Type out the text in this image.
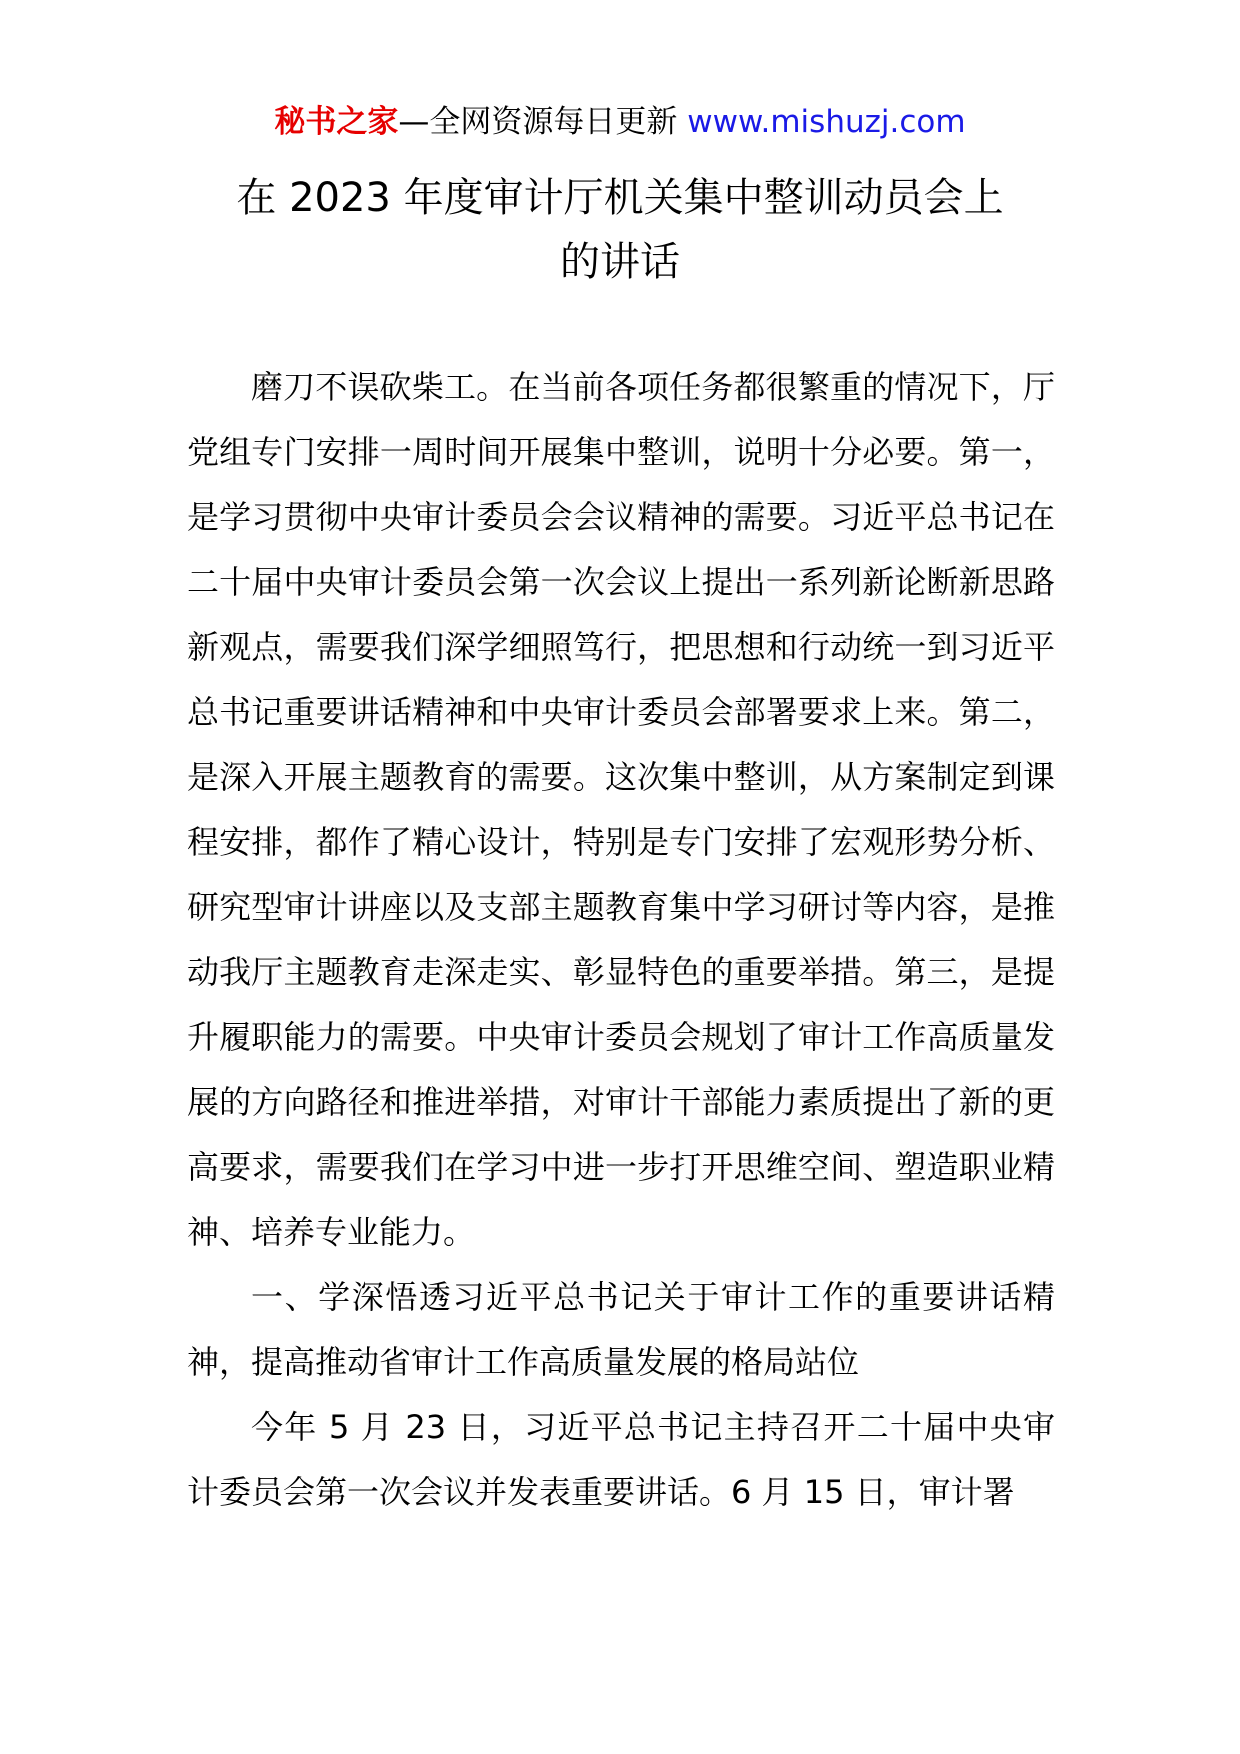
秘书之家—全网资源每日更新 www.mishuzj.com
在 2023 年度审计厅机关集中整训动员会上
的讲话

磨刀不误砍柴工。在当前各项任务都很繁重的情况下，厅党组专门安排一周时间开展集中整训，说明十分必要。第一，是学习贯彻中央审计委员会会议精神的需要。习近平总书记在二十届中央审计委员会第一次会议上提出一系列新论断新思路新观点，需要我们深学细照笃行，把思想和行动统一到习近平总书记重要讲话精神和中央审计委员会部署要求上来。第二，是深入开展主题教育的需要。这次集中整训，从方案制定到课程安排，都作了精心设计，特别是专门安排了宏观形势分析、研究型审计讲座以及支部主题教育集中学习研讨等内容，是推动我厅主题教育走深走实、彰显特色的重要举措。第三，是提升履职能力的需要。中央审计委员会规划了审计工作高质量发展的方向路径和推进举措，对审计干部能力素质提出了新的更高要求，需要我们在学习中进一步打开思维空间、塑造职业精神、培养专业能力。

一、学深悟透习近平总书记关于审计工作的重要讲话精神，提高推动省审计工作高质量发展的格局站位

今年 5 月 23 日，习近平总书记主持召开二十届中央审计委员会第一次会议并发表重要讲话。6 月 15 日，审计署
